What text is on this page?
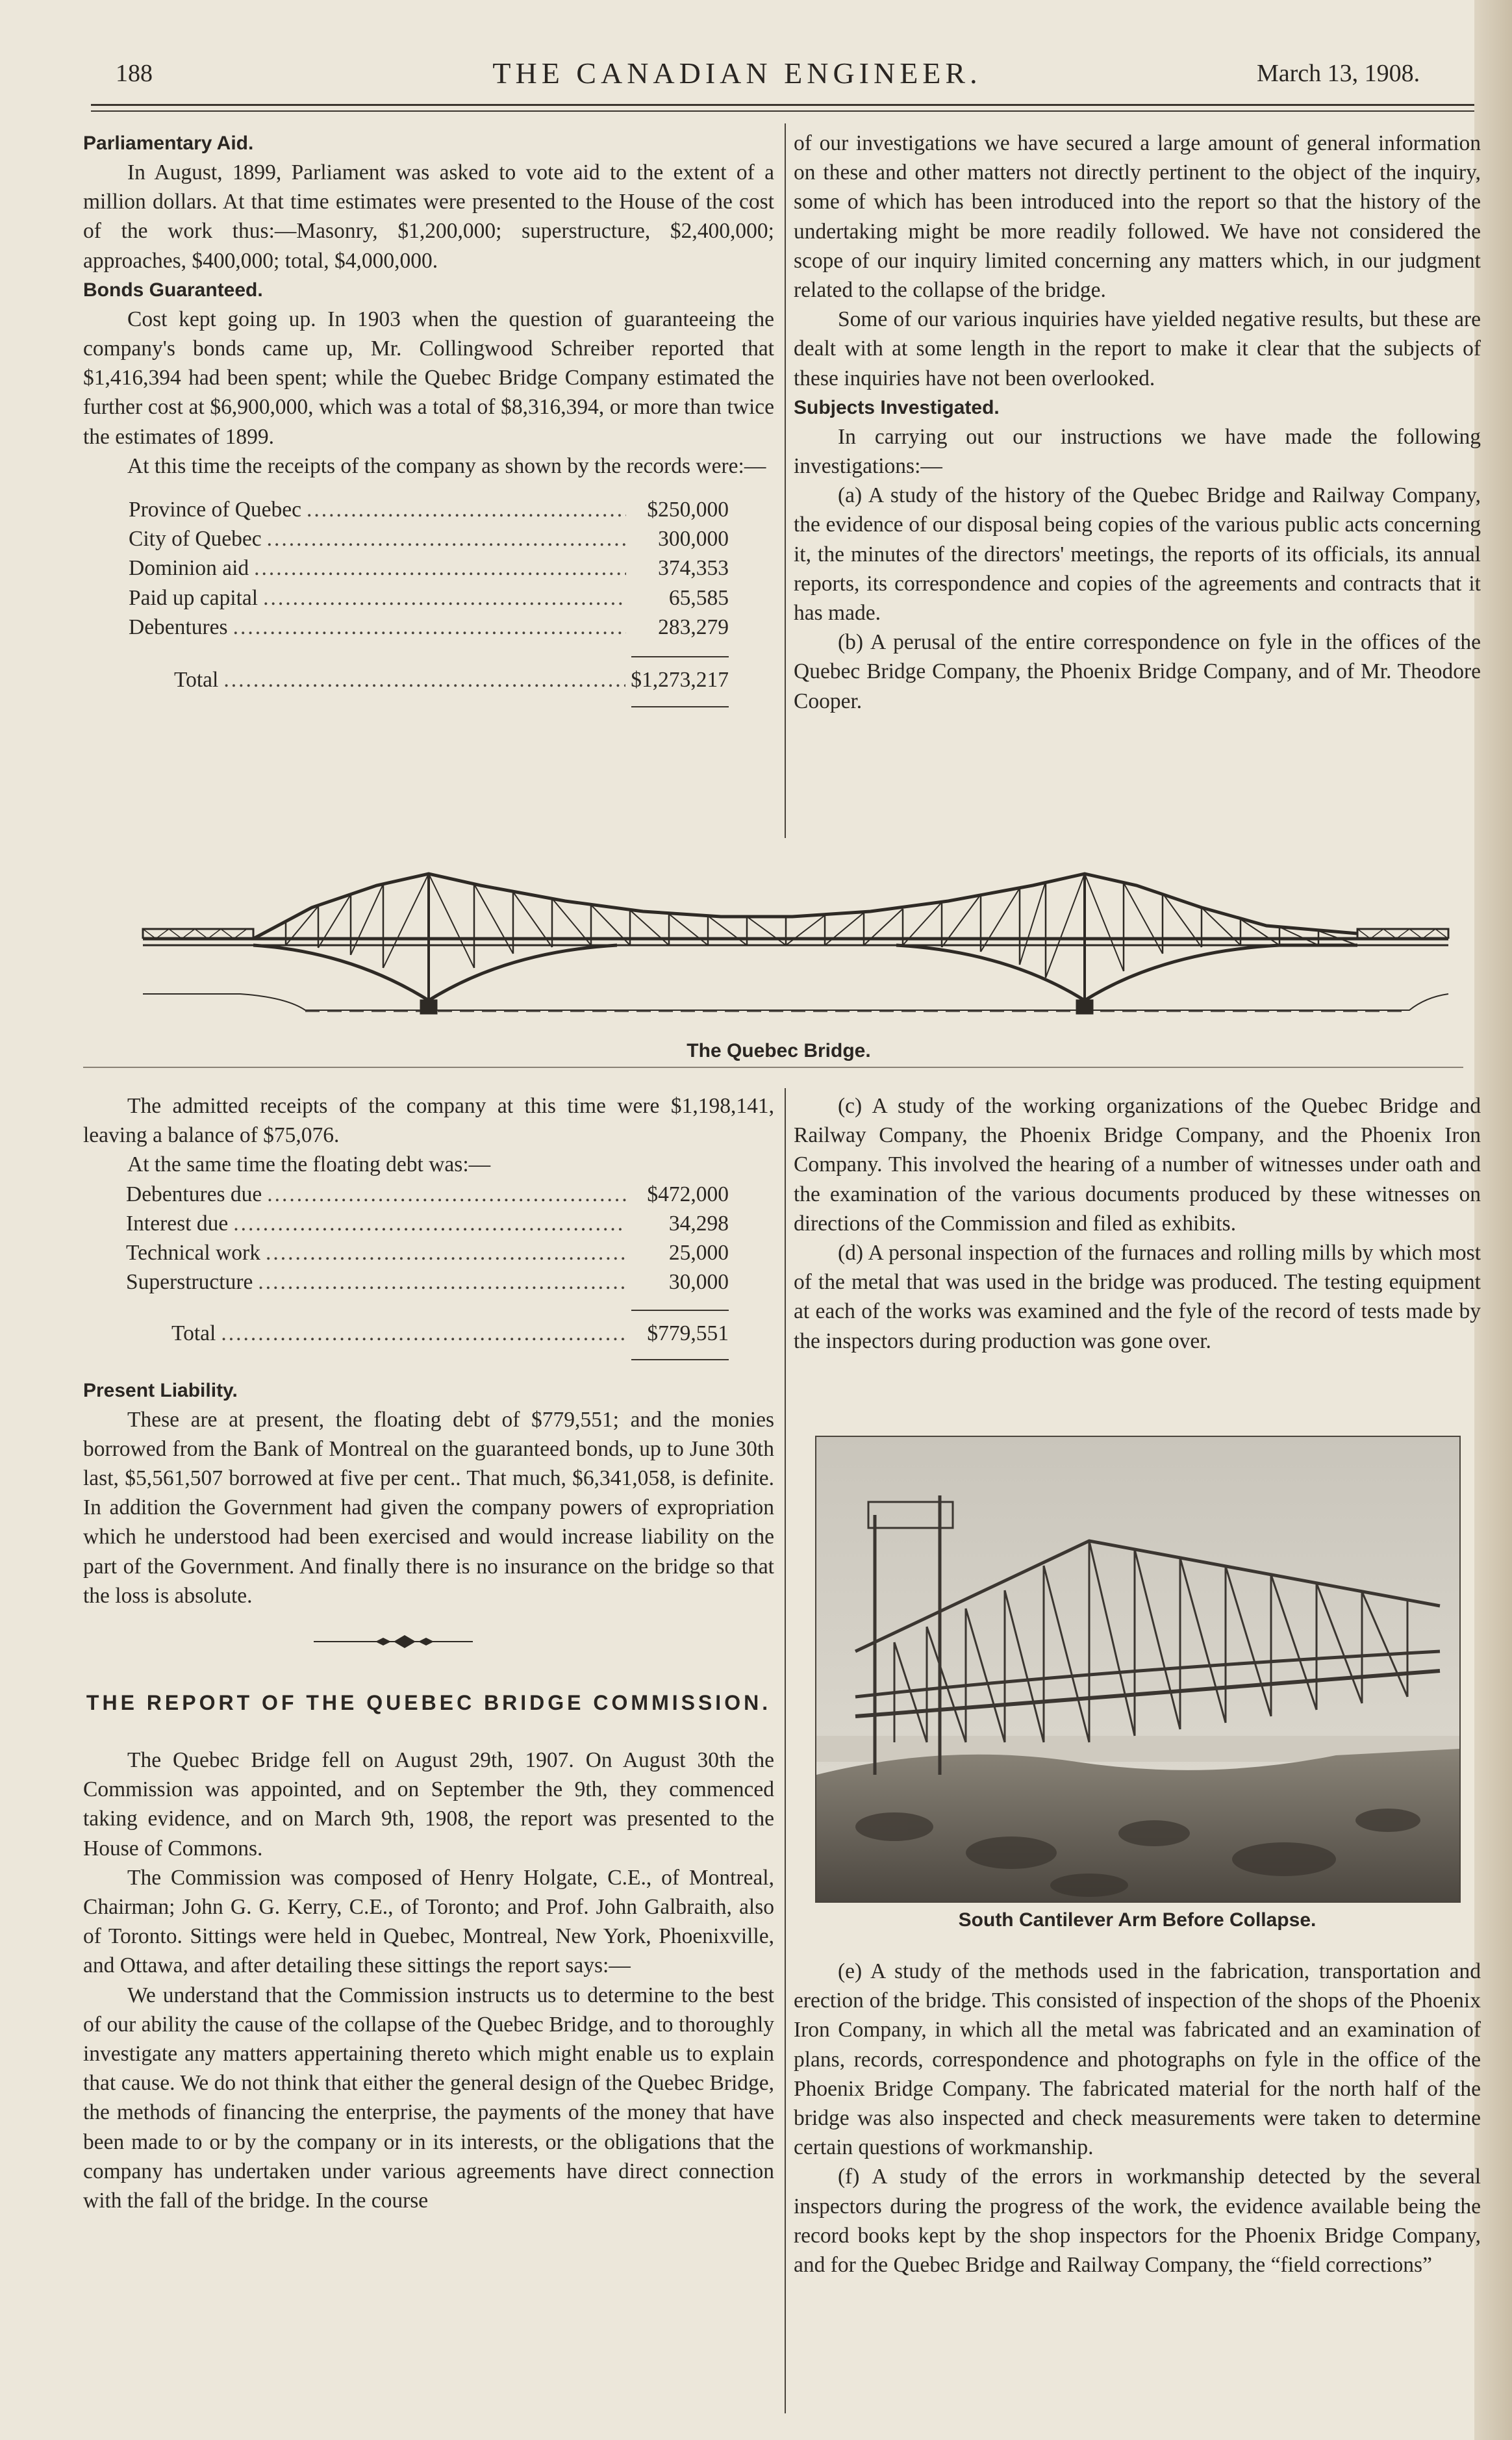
188	THE CANADIAN ENGINEER.	March 13, 1908.
Parliamentary Aid.

In August, 1899, Parliament was asked to vote aid to the extent of a million dollars. At that time estimates were presented to the House of the cost of the work thus:—Masonry, $1,200,000; superstructure, $2,400,000; approaches, $400,000; total, $4,000,000.

Bonds Guaranteed.

Cost kept going up. In 1903 when the question of guaranteeing the company's bonds came up, Mr. Collingwood Schreiber reported that $1,416,394 had been spent; while the Quebec Bridge Company estimated the further cost at $6,900,000, which was a total of $8,316,394, or more than twice the estimates of 1899.

At this time the receipts of the company as shown by the records were:—

Province of Quebec .....	$250,000
City of Quebec .....	300,000
Dominion aid .....	374,353
Paid up capital .....	65,585
Debentures .....	283,279
Total .....	$1,273,217

of our investigations we have secured a large amount of general information on these and other matters not directly pertinent to the object of the inquiry, some of which has been introduced into the report so that the history of the undertaking might be more readily followed. We have not considered the scope of our inquiry limited concerning any matters which, in our judgment related to the collapse of the bridge.

Some of our various inquiries have yielded negative results, but these are dealt with at some length in the report to make it clear that the subjects of these inquiries have not been overlooked.

Subjects Investigated.

In carrying out our instructions we have made the following investigations:—

(a) A study of the history of the Quebec Bridge and Railway Company, the evidence of our disposal being copies of the various public acts concerning it, the minutes of the directors' meetings, the reports of its officials, its annual reports, its correspondence and copies of the agreements and contracts that it has made.

(b) A perusal of the entire correspondence on fyle in the offices of the Quebec Bridge Company, the Phoenix Bridge Company, and of Mr. Theodore Cooper.

The Quebec Bridge.

The admitted receipts of the company at this time were $1,198,141, leaving a balance of $75,076.

At the same time the floating debt was:—

Debentures due .....	$472,000
Interest due .....	34,298
Technical work .....	25,000
Superstructure .....	30,000
Total .....	$779,551
Present Liability.

These are at present, the floating debt of $779,551; and the monies borrowed from the Bank of Montreal on the guaranteed bonds, up to June 30th last, $5,561,507 borrowed at five per cent.. That much, $6,341,058, is definite. In addition the Government had given the company powers of expropriation which he understood had been exercised and would increase liability on the part of the Government. And finally there is no insurance on the bridge so that the loss is absolute.

THE REPORT OF THE QUEBEC BRIDGE COMMISSION.

The Quebec Bridge fell on August 29th, 1907. On August 30th the Commission was appointed, and on September the 9th, they commenced taking evidence, and on March 9th, 1908, the report was presented to the House of Commons.

The Commission was composed of Henry Holgate, C.E., of Montreal, Chairman; John G. G. Kerry, C.E., of Toronto; and Prof. John Galbraith, also of Toronto. Sittings were held in Quebec, Montreal, New York, Phoenixville, and Ottawa, and after detailing these sittings the report says:—

We understand that the Commission instructs us to determine to the best of our ability the cause of the collapse of the Quebec Bridge, and to thoroughly investigate any matters appertaining thereto which might enable us to explain that cause. We do not think that either the general design of the Quebec Bridge, the methods of financing the enterprise, the payments of the money that have been made to or by the company or in its interests, or the obligations that the company has undertaken under various agreements have direct connection with the fall of the bridge. In the course

(c) A study of the working organizations of the Quebec Bridge and Railway Company, the Phoenix Bridge Company, and the Phoenix Iron Company. This involved the hearing of a number of witnesses under oath and the examination of the various documents produced by these witnesses on directions of the Commission and filed as exhibits.

(d) A personal inspection of the furnaces and rolling mills by which most of the metal that was used in the bridge was produced. The testing equipment at each of the works was examined and the fyle of the record of tests made by the inspectors during production was gone over.

South Cantilever Arm Before Collapse.

(e) A study of the methods used in the fabrication, transportation and erection of the bridge. This consisted of inspection of the shops of the Phoenix Iron Company, in which all the metal was fabricated and an examination of plans, records, correspondence and photographs on fyle in the office of the Phoenix Bridge Company. The fabricated material for the north half of the bridge was also inspected and check measurements were taken to determine certain questions of workmanship.

(f) A study of the errors in workmanship detected by the several inspectors during the progress of the work, the evidence available being the record books kept by the shop inspectors for the Phoenix Bridge Company, and for the Quebec Bridge and Railway Company, the “field corrections”
